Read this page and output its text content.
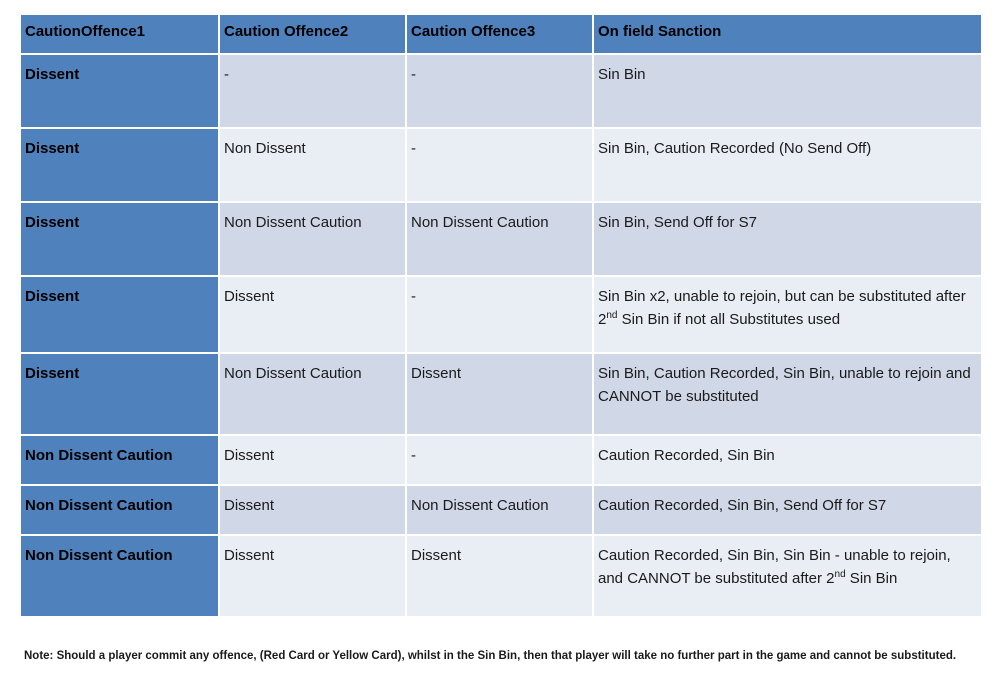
CautionOffence1	Caution Offence2	Caution Offence3	On field Sanction
Dissent	-	-	Sin Bin
Dissent	Non Dissent	-	Sin Bin, Caution Recorded (No Send Off)
Dissent	Non Dissent Caution	Non Dissent Caution	Sin Bin, Send Off for S7
Dissent	Dissent	-	Sin Bin x2, unable to rejoin, but can be substituted after 2nd Sin Bin if not all Substitutes used
Dissent	Non Dissent Caution	Dissent	Sin Bin, Caution Recorded, Sin Bin, unable to rejoin and CANNOT be substituted
Non Dissent Caution	Dissent	-	Caution Recorded, Sin Bin
Non Dissent Caution	Dissent	Non Dissent Caution	Caution Recorded, Sin Bin, Send Off for S7
Non Dissent Caution	Dissent	Dissent	Caution Recorded, Sin Bin, Sin Bin - unable to rejoin, and CANNOT be substituted after 2nd Sin Bin
Note: Should a player commit any offence, (Red Card or Yellow Card), whilst in the Sin Bin, then that player will take no further part in the game and cannot be substituted.
